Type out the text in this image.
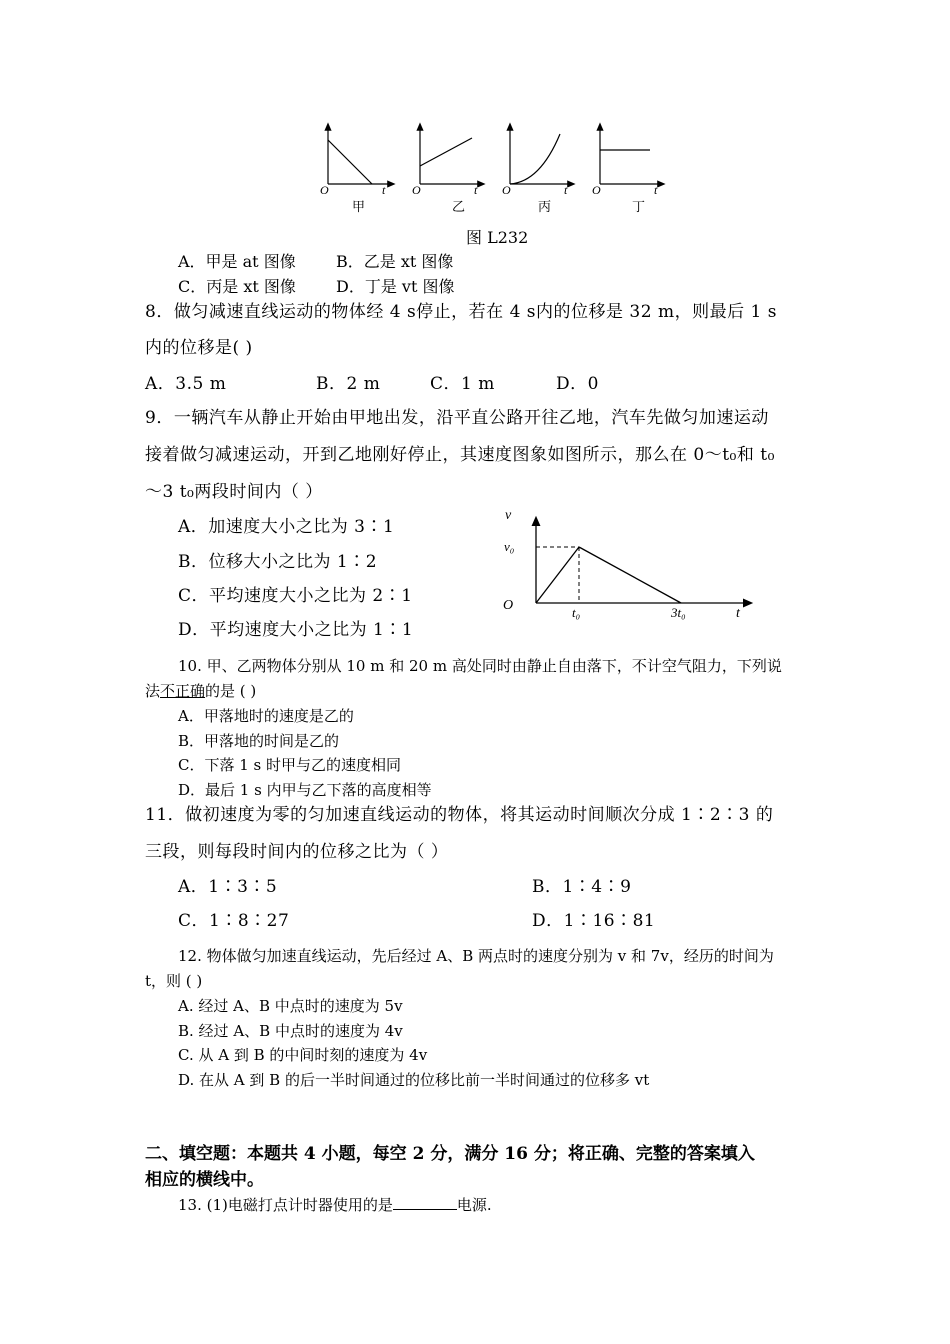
O	t
甲
O	t
乙
O	t
丙
O	t
丁
图 L232
A．甲是 at 图像	B．乙是 xt 图像
C．丙是 xt 图像	D．丁是 vt 图像
8．做匀减速直线运动的物体经 4 s停止，若在 4 s内的位移是 32 m，则最后 1 s
内的位移是( )
A．3.5 m	B．2 m	C．1 m	D．0
9．一辆汽车从静止开始由甲地出发，沿平直公路开往乙地，汽车先做匀加速运动
接着做匀减速运动，开到乙地刚好停止，其速度图象如图所示，那么在 0～t₀和 t₀
～3 t₀两段时间内（ ）
A．加速度大小之比为 3∶1
B．位移大小之比为 1∶2
C．平均速度大小之比为 2∶1
D．平均速度大小之比为 1∶1
v
v₀
O	t₀	3t₀	t
10. 甲、乙两物体分别从 10 m 和 20 m 高处同时由静止自由落下，不计空气阻力，下列说
法不正确的是 ( )
A．甲落地时的速度是乙的
B．甲落地的时间是乙的
C．下落 1 s 时甲与乙的速度相同
D．最后 1 s 内甲与乙下落的高度相等
11．做初速度为零的匀加速直线运动的物体，将其运动时间顺次分成 1∶2∶3 的
三段，则每段时间内的位移之比为（ ）
A．1∶3∶5	B．1∶4∶9
C．1∶8∶27	D．1∶16∶81
12. 物体做匀加速直线运动，先后经过 A、B 两点时的速度分别为 v 和 7v，经历的时间为
t，则 ( )
A. 经过 A、B 中点时的速度为 5v
B. 经过 A、B 中点时的速度为 4v
C. 从 A 到 B 的中间时刻的速度为 4v
D. 在从 A 到 B 的后一半时间通过的位移比前一半时间通过的位移多 vt
二、填空题：本题共 4 小题，每空 2 分，满分 16 分；将正确、完整的答案填入
相应的横线中。
13. (1)电磁打点计时器使用的是	电源.
